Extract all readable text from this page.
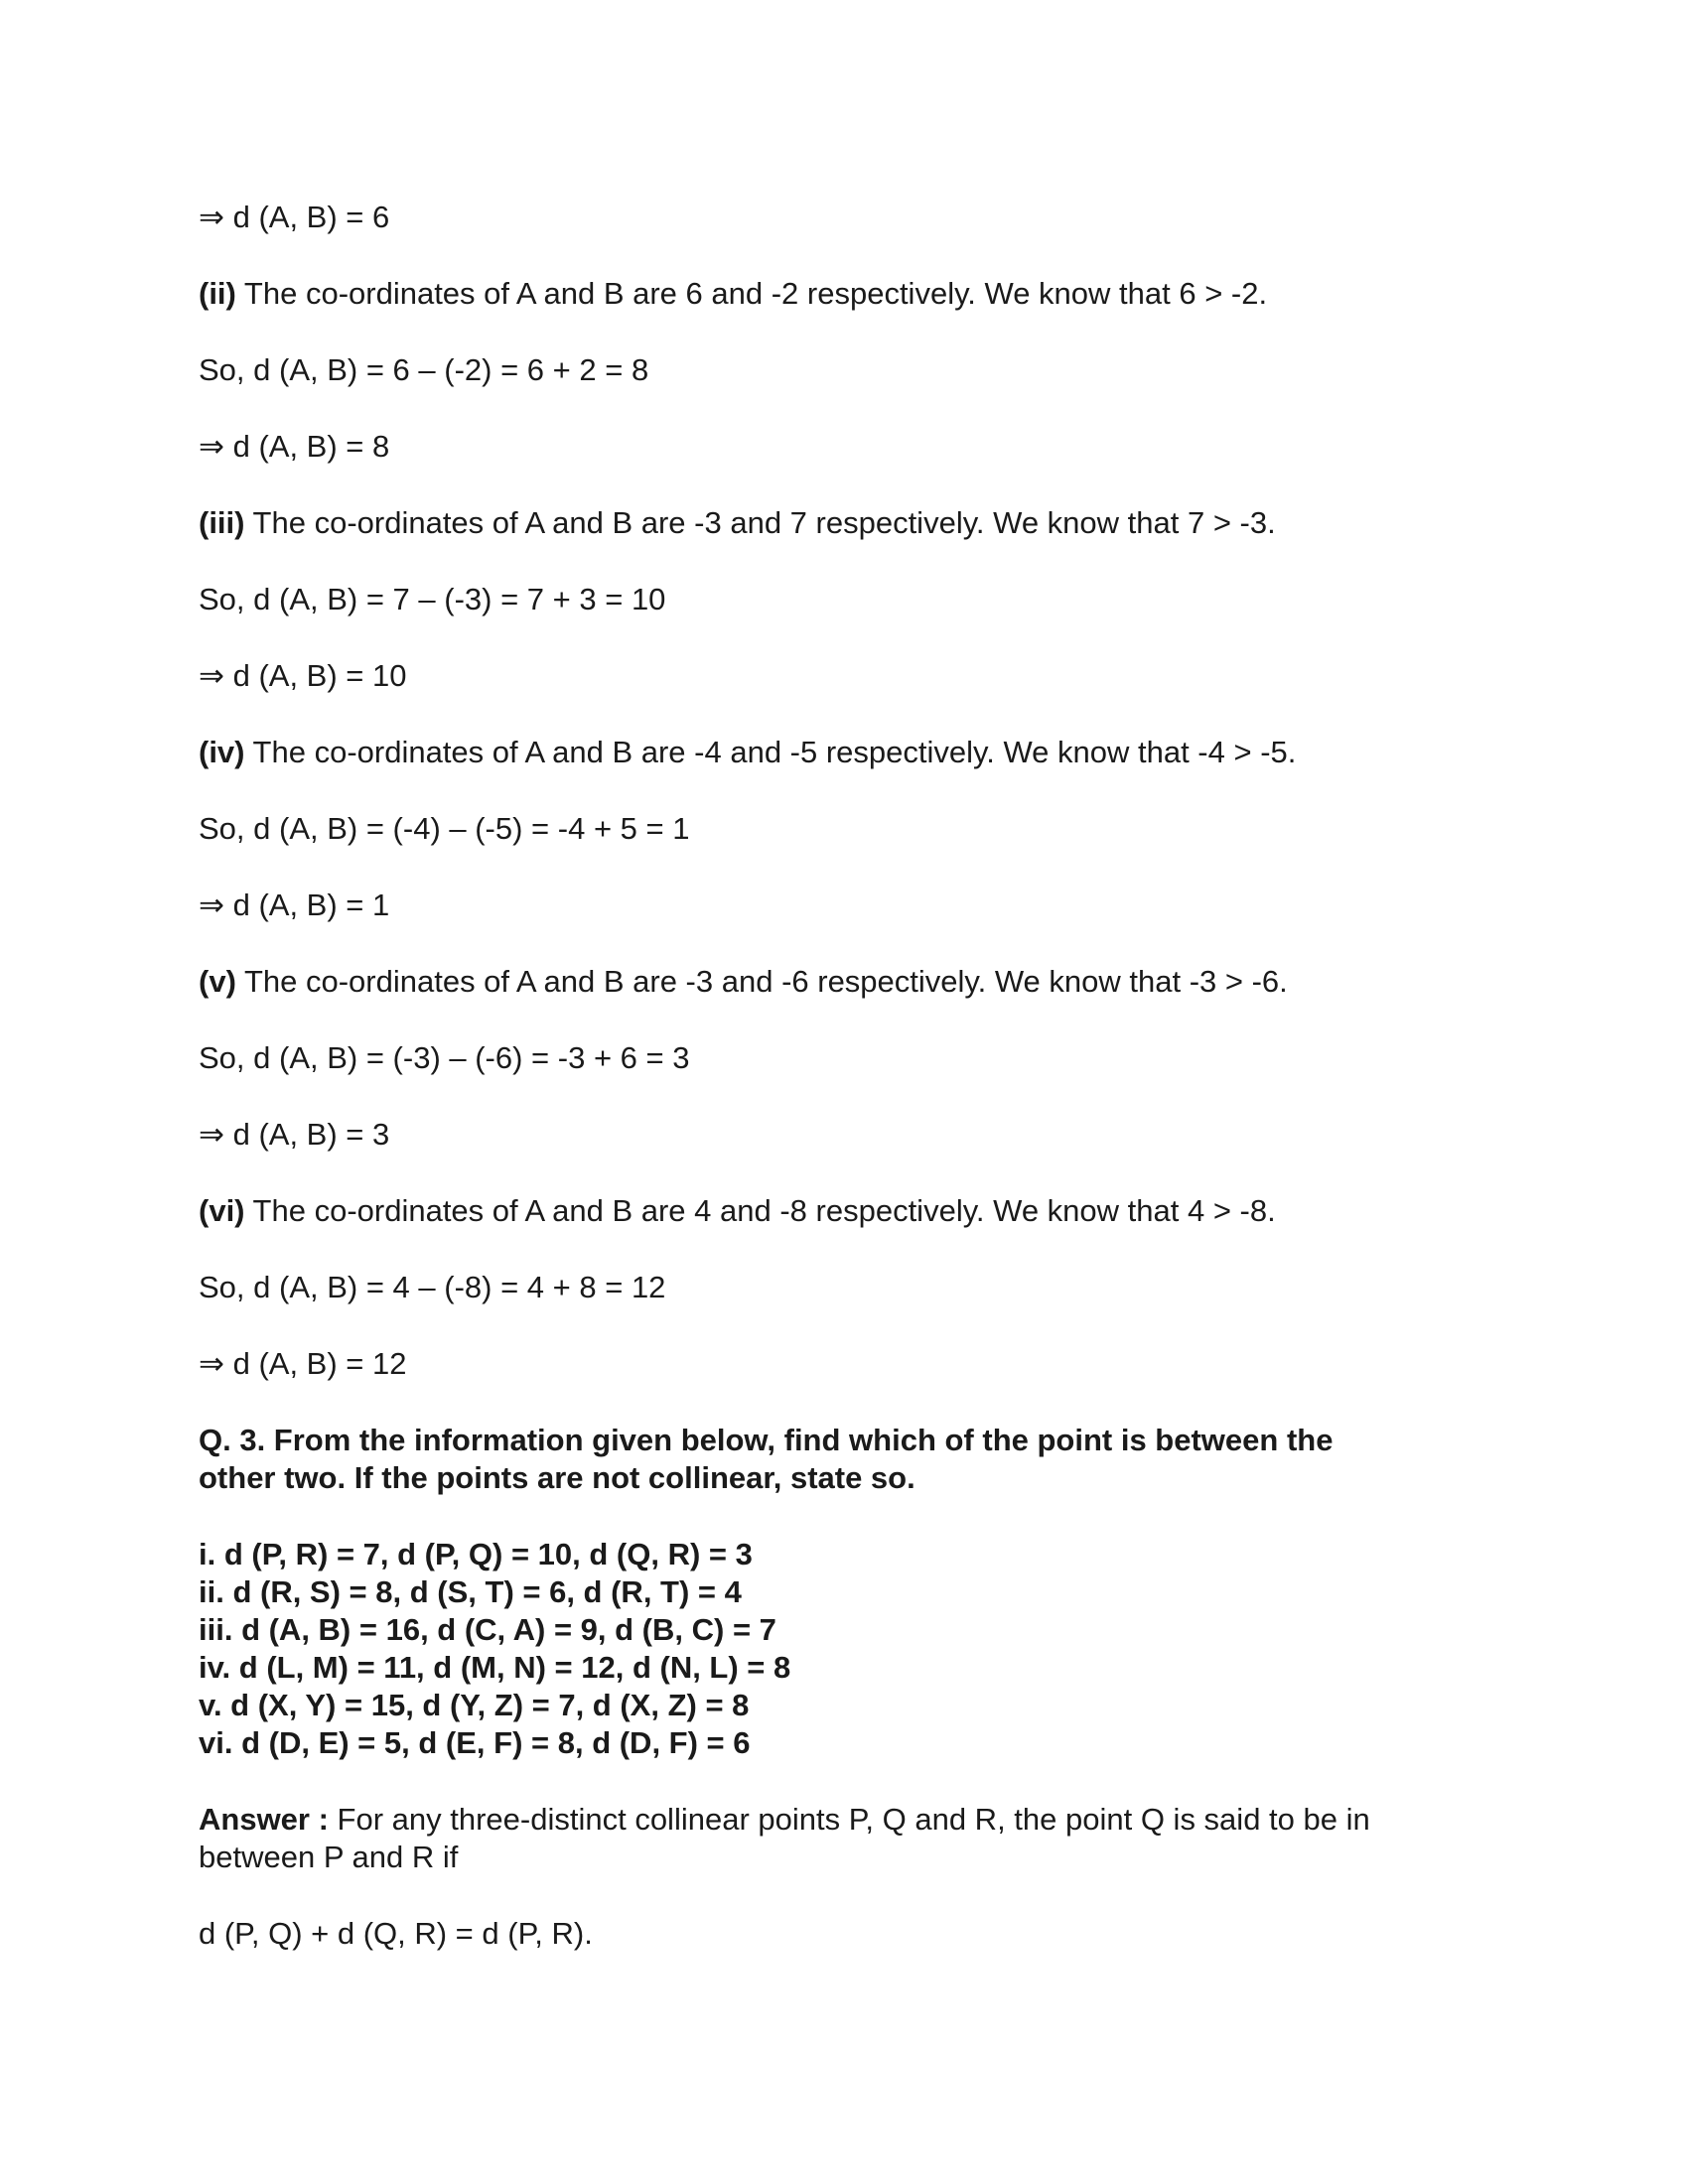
⇒ d (A, B) = 6
(ii) The co-ordinates of A and B are 6 and -2 respectively. We know that 6 > -2.
So, d (A, B) = 6 – (-2) = 6 + 2 = 8
⇒ d (A, B) = 8
(iii) The co-ordinates of A and B are -3 and 7 respectively. We know that 7 > -3.
So, d (A, B) = 7 – (-3) = 7 + 3 = 10
⇒ d (A, B) = 10
(iv) The co-ordinates of A and B are -4 and -5 respectively. We know that -4 > -5.
So, d (A, B) = (-4) – (-5) = -4 + 5 = 1
⇒ d (A, B) = 1
(v) The co-ordinates of A and B are -3 and -6 respectively. We know that -3 > -6.
So, d (A, B) = (-3) – (-6) = -3 + 6 = 3
⇒ d (A, B) = 3
(vi) The co-ordinates of A and B are 4 and -8 respectively. We know that 4 > -8.
So, d (A, B) = 4 – (-8) = 4 + 8 = 12
⇒ d (A, B) = 12
Q. 3. From the information given below, find which of the point is between the
other two. If the points are not collinear, state so.
i. d (P, R) = 7, d (P, Q) = 10, d (Q, R) = 3
ii. d (R, S) = 8, d (S, T) = 6, d (R, T) = 4
iii. d (A, B) = 16, d (C, A) = 9, d (B, C) = 7
iv. d (L, M) = 11, d (M, N) = 12, d (N, L) = 8
v. d (X, Y) = 15, d (Y, Z) = 7, d (X, Z) = 8
vi. d (D, E) = 5, d (E, F) = 8, d (D, F) = 6
Answer : For any three-distinct collinear points P, Q and R, the point Q is said to be in
between P and R if
d (P, Q) + d (Q, R) = d (P, R).
